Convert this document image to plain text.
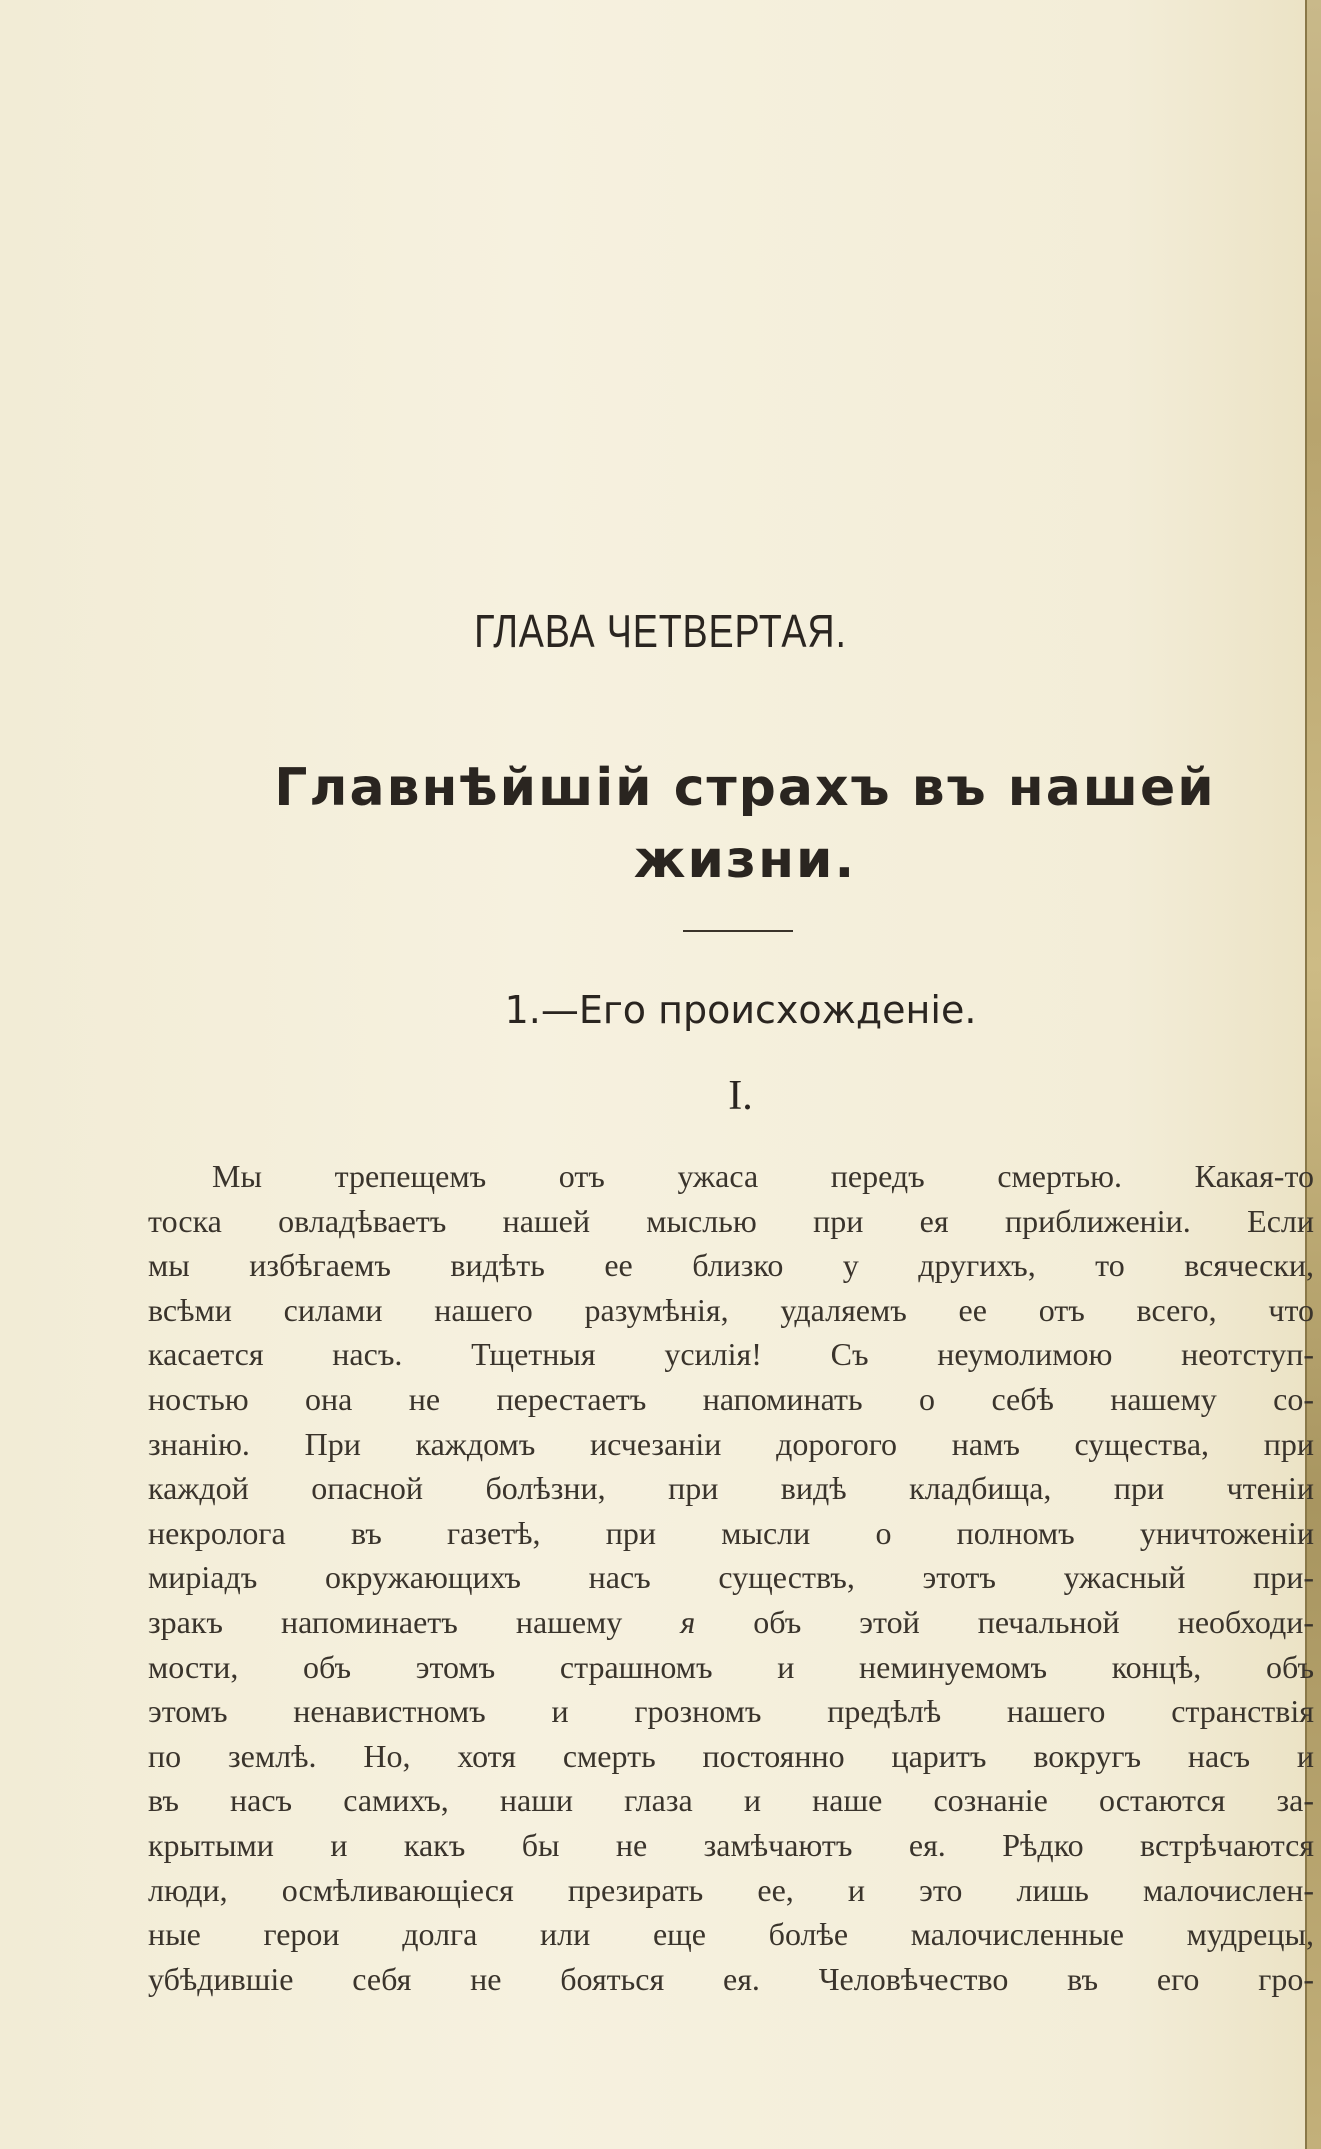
ГЛАВА ЧЕТВЕРТАЯ.
Главнѣйшій страхъ въ нашей
жизни.
1.—Его происхожденіе.
I.
Мы трепещемъ отъ ужаса передъ смертью. Какая-то
тоска овладѣваетъ нашей мыслью при ея приближеніи. Если
мы избѣгаемъ видѣть ее близко у другихъ, то всячески,
всѣми силами нашего разумѣнія, удаляемъ ее отъ всего, что
касается насъ. Тщетныя усилія! Съ неумолимою неотступ-
ностью она не перестаетъ напоминать о себѣ нашему со-
знанію. При каждомъ исчезаніи дорогого намъ существа, при
каждой опасной болѣзни, при видѣ кладбища, при чтеніи
некролога въ газетѣ, при мысли о полномъ уничтоженіи
миріадъ окружающихъ насъ существъ, этотъ ужасный при-
зракъ напоминаетъ нашему я объ этой печальной необходи-
мости, объ этомъ страшномъ и неминуемомъ концѣ, объ
этомъ ненавистномъ и грозномъ предѣлѣ нашего странствія
по землѣ. Но, хотя смерть постоянно царитъ вокругъ насъ и
въ насъ самихъ, наши глаза и наше сознаніе остаются за-
крытыми и какъ бы не замѣчаютъ ея. Рѣдко встрѣчаются
люди, осмѣливающіеся презирать ее, и это лишь малочислен-
ные герои долга или еще болѣе малочисленные мудрецы,
убѣдившіе себя не бояться ея. Человѣчество въ его гро-
